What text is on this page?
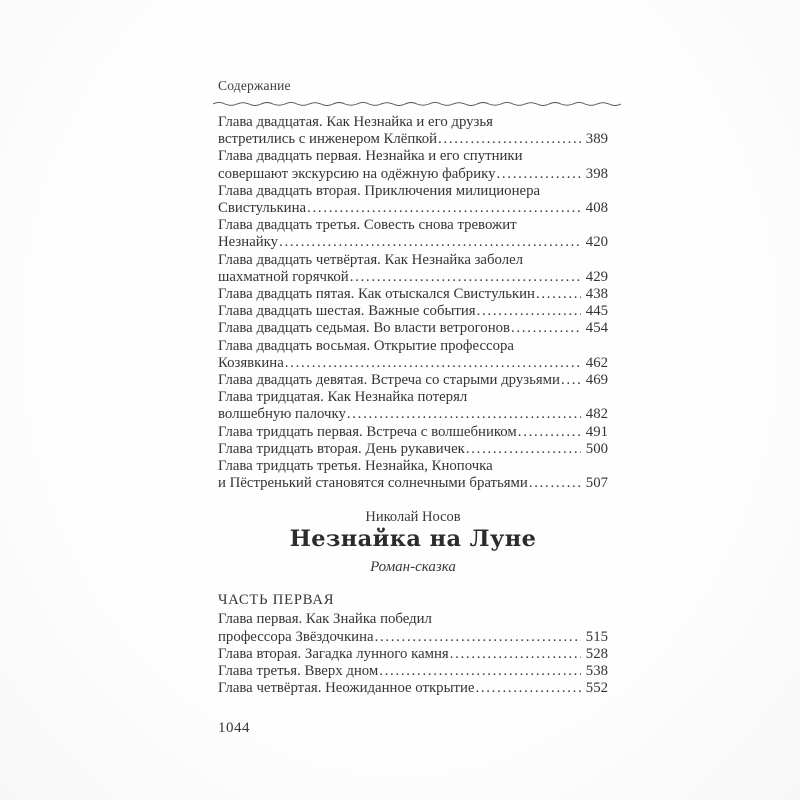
Содержание
Глава двадцатая. Как Незнайка и его друзья
встретились с инженером Клёпкой .....	389
Глава двадцать первая. Незнайка и его спутники
совершают экскурсию на одёжную фабрику .....	398
Глава двадцать вторая. Приключения милиционера
Свистулькина .....	408
Глава двадцать третья. Совесть снова тревожит
Незнайку .....	420
Глава двадцать четвёртая. Как Незнайка заболел
шахматной горячкой .....	429
Глава двадцать пятая. Как отыскался Свистулькин .....	438
Глава двадцать шестая. Важные события .....	445
Глава двадцать седьмая. Во власти ветрогонов .....	454
Глава двадцать восьмая. Открытие профессора
Козявкина .....	462
Глава двадцать девятая. Встреча со старыми друзьями ..... 469
Глава тридцатая. Как Незнайка потерял
волшебную палочку .....	482
Глава тридцать первая. Встреча с волшебником .....	491
Глава тридцать вторая. День рукавичек .....	500
Глава тридцать третья. Незнайка, Кнопочка
и Пёстренький становятся солнечными братьями .....	507
Николай Носов
Незнайка на Луне
Роман-сказка
ЧАСТЬ ПЕРВАЯ
Глава первая. Как Знайка победил
профессора Звёздочкина .....	515
Глава вторая. Загадка лунного камня .....	528
Глава третья. Вверх дном .....	538
Глава четвёртая. Неожиданное открытие .....	552
1044
